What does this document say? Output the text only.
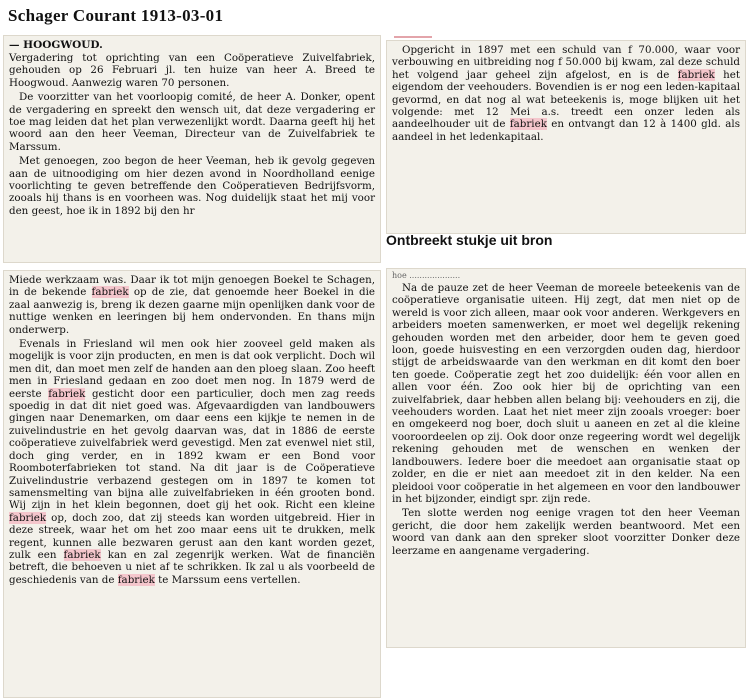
Schager Courant 1913-03-01
— HOOGWOUD.

Vergadering tot oprichting van een Coöperatieve Zuivelfabriek, gehouden op 26 Februari jl. ten huize van heer A. Breed te Hoogwoud. Aanwezig waren 70 personen.

De voorzitter van het voorloopig comité, de heer A. Donker, opent de vergadering en spreekt den wensch uit, dat deze vergadering er toe mag leiden dat het plan verwezenlijkt wordt. Daarna geeft hij het woord aan den heer Veeman, Directeur van de Zuivelfabriek te Marssum.

Met genoegen, zoo begon de heer Veeman, heb ik gevolg gegeven aan de uitnoodiging om hier dezen avond in Noordholland eenige voorlichting te geven betreffende den Coöperatieven Bedrijfsvorm, zooals hij thans is en voorheen was. Nog duidelijk staat het mij voor den geest, hoe ik in 1892 bij den hr

Miede werkzaam was. Daar ik tot mijn genoegen Boekel te Schagen, in de bekende fabriek op de zie, dat genoemde heer Boekel in die zaal aanwezig is, breng ik dezen gaarne mijn openlijken dank voor de nuttige wenken en leeringen bij hem ondervonden. En thans mijn onderwerp.

Evenals in Friesland wil men ook hier zooveel geld maken als mogelijk is voor zijn producten, en men is dat ook verplicht. Doch wil men dit, dan moet men zelf de handen aan den ploeg slaan. Zoo heeft men in Friesland gedaan en zoo doet men nog. In 1879 werd de eerste fabriek gesticht door een particulier, doch men zag reeds spoedig in dat dit niet goed was. Afgevaardigden van landbouwers gingen naar Denemarken, om daar eens een kijkje te nemen in de zuivelindustrie en het gevolg daarvan was, dat in 1886 de eerste coöperatieve zuivelfabriek werd gevestigd. Men zat evenwel niet stil, doch ging verder, en in 1892 kwam er een Bond voor Roomboterfabrieken tot stand. Na dit jaar is de Coöperatieve Zuivelindustrie verbazend gestegen om in 1897 te komen tot samensmelting van bijna alle zuivelfabrieken in één grooten bond. Wij zijn in het klein begonnen, doet gij het ook. Richt een kleine fabriek op, doch zoo, dat zij steeds kan worden uitgebreid. Hier in deze streek, waar het om het zoo maar eens uit te drukken, melk regent, kunnen alle bezwaren gerust aan den kant worden gezet, zulk een fabriek kan en zal zegenrijk werken. Wat de financiën betreft, die behoeven u niet af te schrikken. Ik zal u als voorbeeld de geschiedenis van de fabriek te Marssum eens vertellen.

Opgericht in 1897 met een schuld van f 70.000, waar voor verbouwing en uitbreiding nog f 50.000 bij kwam, zal deze schuld het volgend jaar geheel zijn afgelost, en is de fabriek het eigendom der veehouders. Bovendien is er nog een leden-kapitaal gevormd, en dat nog al wat beteekenis is, moge blijken uit het volgende: met 12 Mei a.s. treedt een onzer leden als aandeelhouder uit de fabriek en ontvangt dan 12 à 1400 gld. als aandeel in het ledenkapitaal.

Ontbreekt stukje uit bron

hoe ....................

Na de pauze zet de heer Veeman de moreele beteekenis van de coöperatieve organisatie uiteen. Hij zegt, dat men niet op de wereld is voor zich alleen, maar ook voor anderen. Werkgevers en arbeiders moeten samenwerken, er moet wel degelijk rekening gehouden worden met den arbeider, door hem te geven goed loon, goede huisvesting en een verzorgden ouden dag, hierdoor stijgt de arbeidswaarde van den werkman en dit komt den boer ten goede. Coöperatie zegt het zoo duidelijk: één voor allen en allen voor één. Zoo ook hier bij de oprichting van een zuivelfabriek, daar hebben allen belang bij: veehouders en zij, die veehouders worden. Laat het niet meer zijn zooals vroeger: boer en omgekeerd nog boer, doch sluit u aaneen en zet al die kleine vooroordeelen op zij. Ook door onze regeering wordt wel degelijk rekening gehouden met de wenschen en wenken der landbouwers. Iedere boer die meedoet aan organisatie staat op zolder, en die er niet aan meedoet zit in den kelder. Na een pleidooi voor coöperatie in het algemeen en voor den landbouwer in het bijzonder, eindigt spr. zijn rede.

Ten slotte werden nog eenige vragen tot den heer Veeman gericht, die door hem zakelijk werden beantwoord. Met een woord van dank aan den spreker sloot voorzitter Donker deze leerzame en aangename vergadering.
